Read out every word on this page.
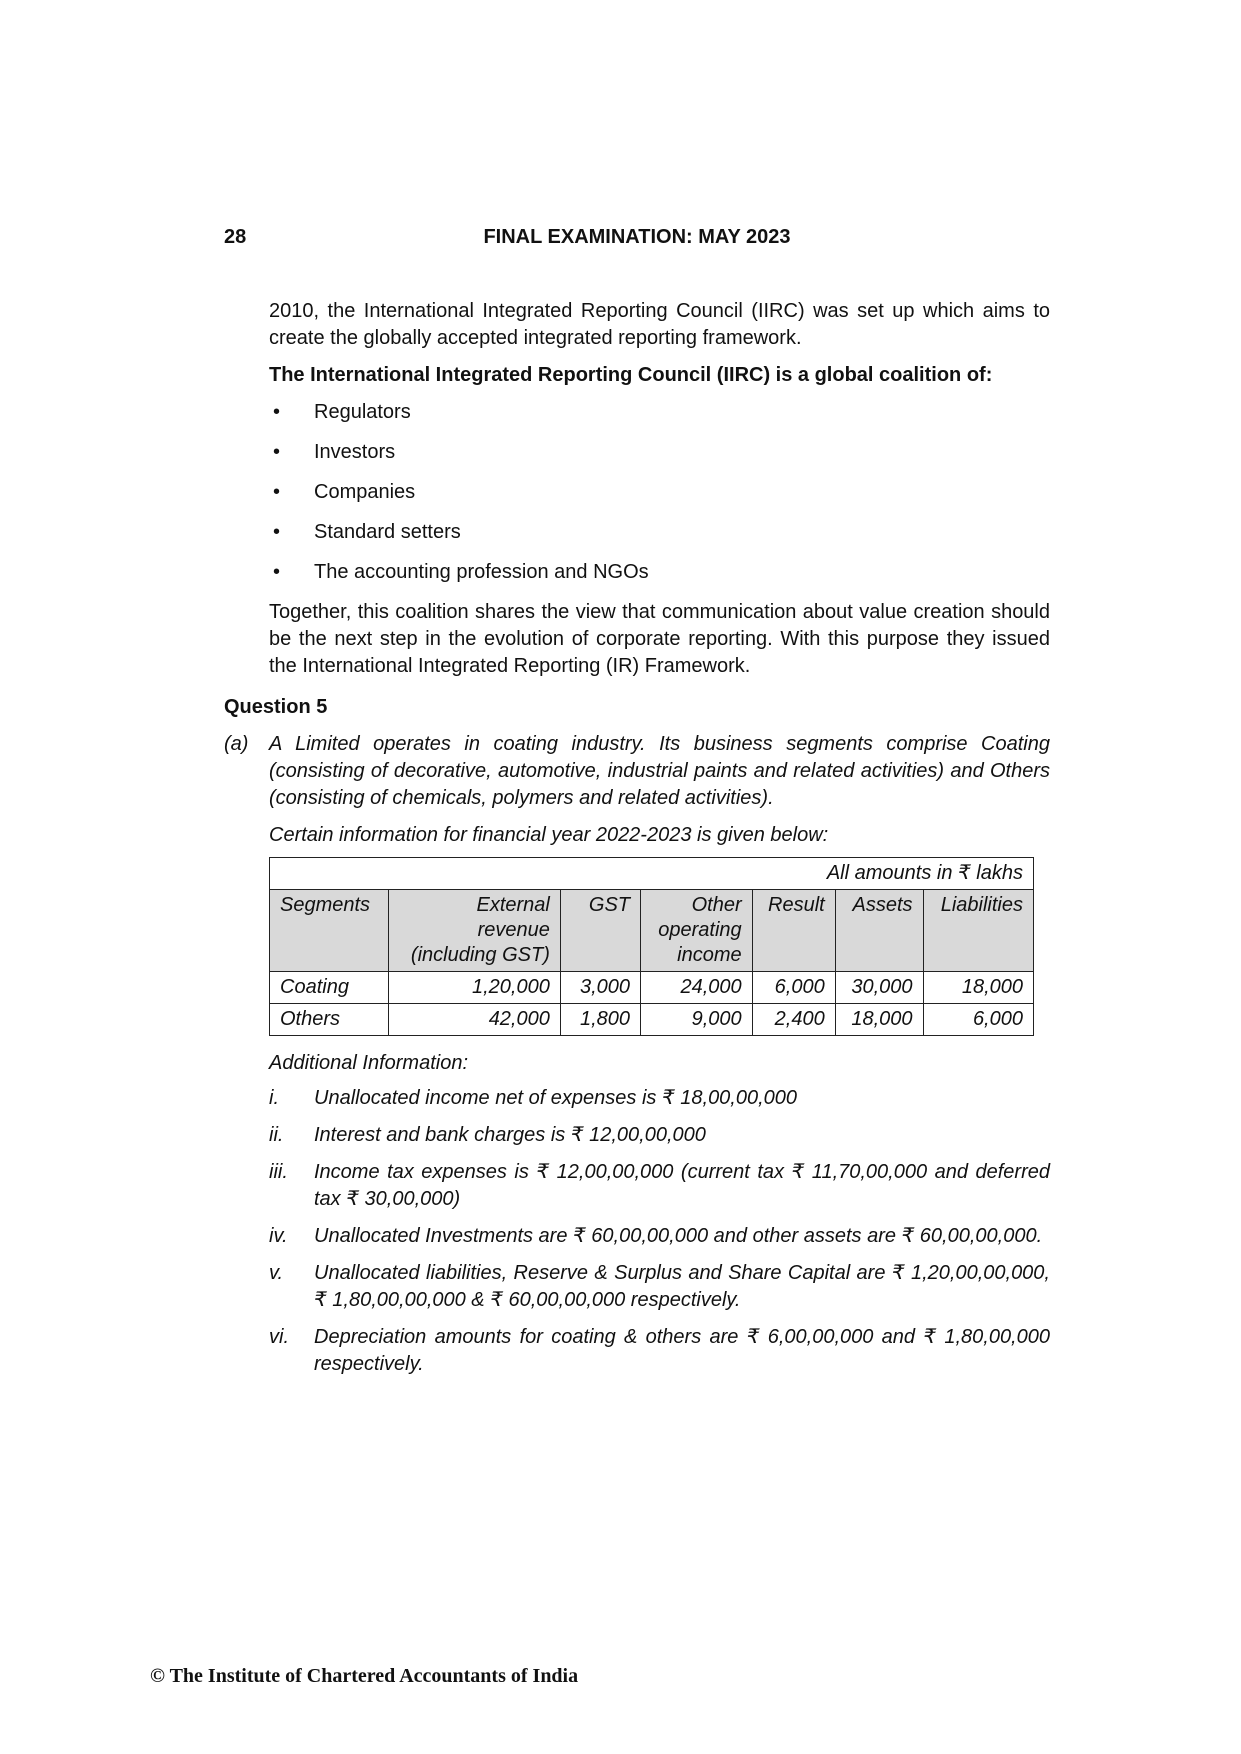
28	FINAL EXAMINATION: MAY 2023

2010, the International Integrated Reporting Council (IIRC) was set up which aims to create the globally accepted integrated reporting framework.

The International Integrated Reporting Council (IIRC) is a global coalition of:

• Regulators
• Investors
• Companies
• Standard setters
• The accounting profession and NGOs

Together, this coalition shares the view that communication about value creation should be the next step in the evolution of corporate reporting. With this purpose they issued the International Integrated Reporting (IR) Framework.

Question 5

(a) A Limited operates in coating industry. Its business segments comprise Coating (consisting of decorative, automotive, industrial paints and related activities) and Others (consisting of chemicals, polymers and related activities).

Certain information for financial year 2022-2023 is given below:

All amounts in ₹ lakhs						
Segments	External revenue (including GST)	GST	Other operating income	Result	Assets	Liabilities
Coating	1,20,000	3,000	24,000	6,000	30,000	18,000
Others	42,000	1,800	9,000	2,400	18,000	6,000

Additional Information:

i. Unallocated income net of expenses is ₹ 18,00,00,000
ii. Interest and bank charges is ₹ 12,00,00,000
iii. Income tax expenses is ₹ 12,00,00,000 (current tax ₹ 11,70,00,000 and deferred tax ₹ 30,00,000)
iv. Unallocated Investments are ₹ 60,00,00,000 and other assets are ₹ 60,00,00,000.
v. Unallocated liabilities, Reserve & Surplus and Share Capital are ₹ 1,20,00,00,000, ₹ 1,80,00,00,000 & ₹ 60,00,00,000 respectively.
vi. Depreciation amounts for coating & others are ₹ 6,00,00,000 and ₹ 1,80,00,000 respectively.
© The Institute of Chartered Accountants of India
